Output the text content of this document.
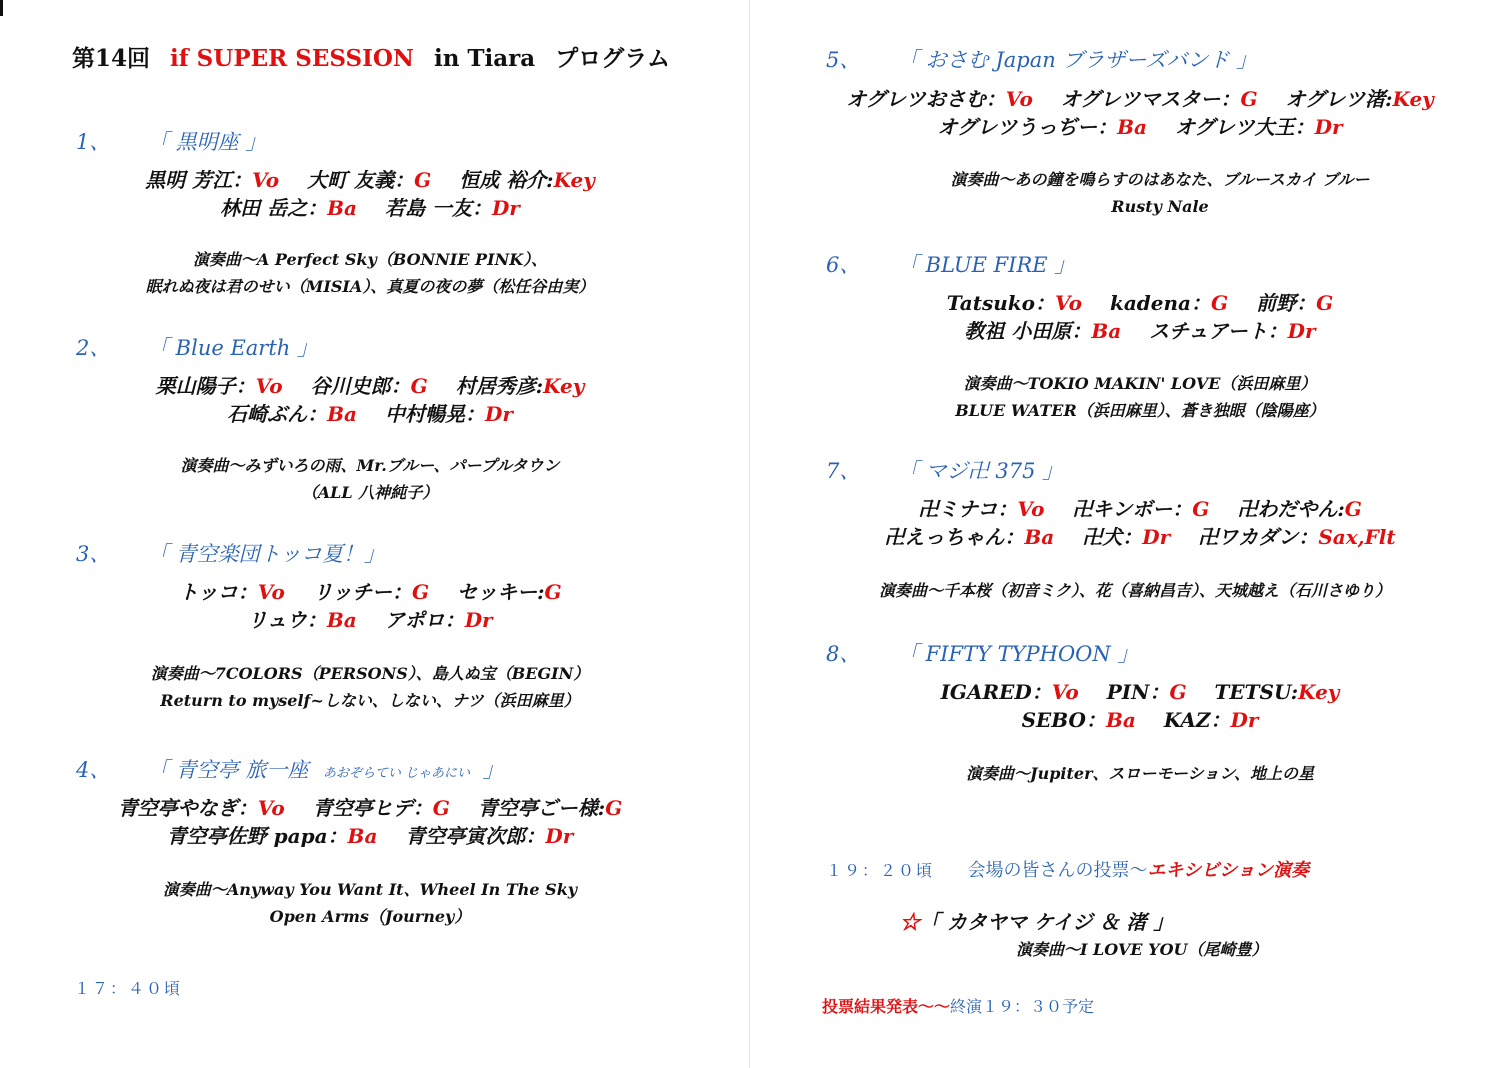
第14回 if SUPER SESSION in Tiara プログラム
1、 「 黒明座 」
黒明 芳江：Vo 大町 友義：G 恒成 裕介:Key
林田 岳之：Ba 若島 一友：Dr
演奏曲～A Perfect Sky（BONNIE PINK）、
眠れぬ夜は君のせい（MISIA）、真夏の夜の夢（松任谷由実）
2、 「 Blue Earth 」
栗山陽子：Vo 谷川史郎：G 村居秀彦:Key
石崎ぶん：Ba 中村暢晃：Dr
演奏曲～みずいろの雨、Mr.ブルー、パープルタウン
（ALL 八神純子）
3、 「 青空楽団トッコ夏！」
トッコ：Vo リッチー：G セッキー:G
リュウ：Ba アポロ：Dr
演奏曲～7COLORS（PERSONS）、島人ぬ宝（BEGIN）
Return to myself~しない、しない、ナツ（浜田麻里）
4、 「 青空亭 旅一座 あおぞらてい じゃあにい 」
青空亭やなぎ：Vo 青空亭ヒデ：G 青空亭ごー様:G
青空亭佐野 papa：Ba 青空亭寅次郎：Dr
演奏曲～Anyway You Want It、Wheel In The Sky
Open Arms（Journey）
１７：４０頃
5、 「 おさむ Japan ブラザーズバンド 」
オグレツおさむ：Vo オグレツマスター：G オグレツ渚:Key
オグレツうっぢー：Ba オグレツ大王：Dr
演奏曲～あの鐘を鳴らすのはあなた、ブルースカイ ブルー
Rusty Nale
6、 「 BLUE FIRE 」
Tatsuko：Vo kadena：G 前野：G
教祖 小田原：Ba スチュアート：Dr
演奏曲～TOKIO MAKIN' LOVE（浜田麻里）
BLUE WATER（浜田麻里）、蒼き独眼（陰陽座）
7、 「 マジ卍 375 」
卍ミナコ：Vo 卍キンボー：G 卍わだやん:G
卍えっちゃん：Ba 卍犬：Dr 卍ワカダン：Sax,Flt
演奏曲～千本桜（初音ミク）、花（喜納昌吉）、天城越え（石川さゆり）
8、 「 FIFTY TYPHOON 」
IGARED：Vo PIN：G TETSU:Key
SEBO：Ba KAZ：Dr
演奏曲～Jupiter、スローモーション、地上の星
１９：２０頃 会場の皆さんの投票～エキシビション演奏
☆「 カタヤマ ケイジ ＆ 渚 」
演奏曲～I LOVE YOU（尾崎豊）
投票結果発表～～終演１９：３０予定
